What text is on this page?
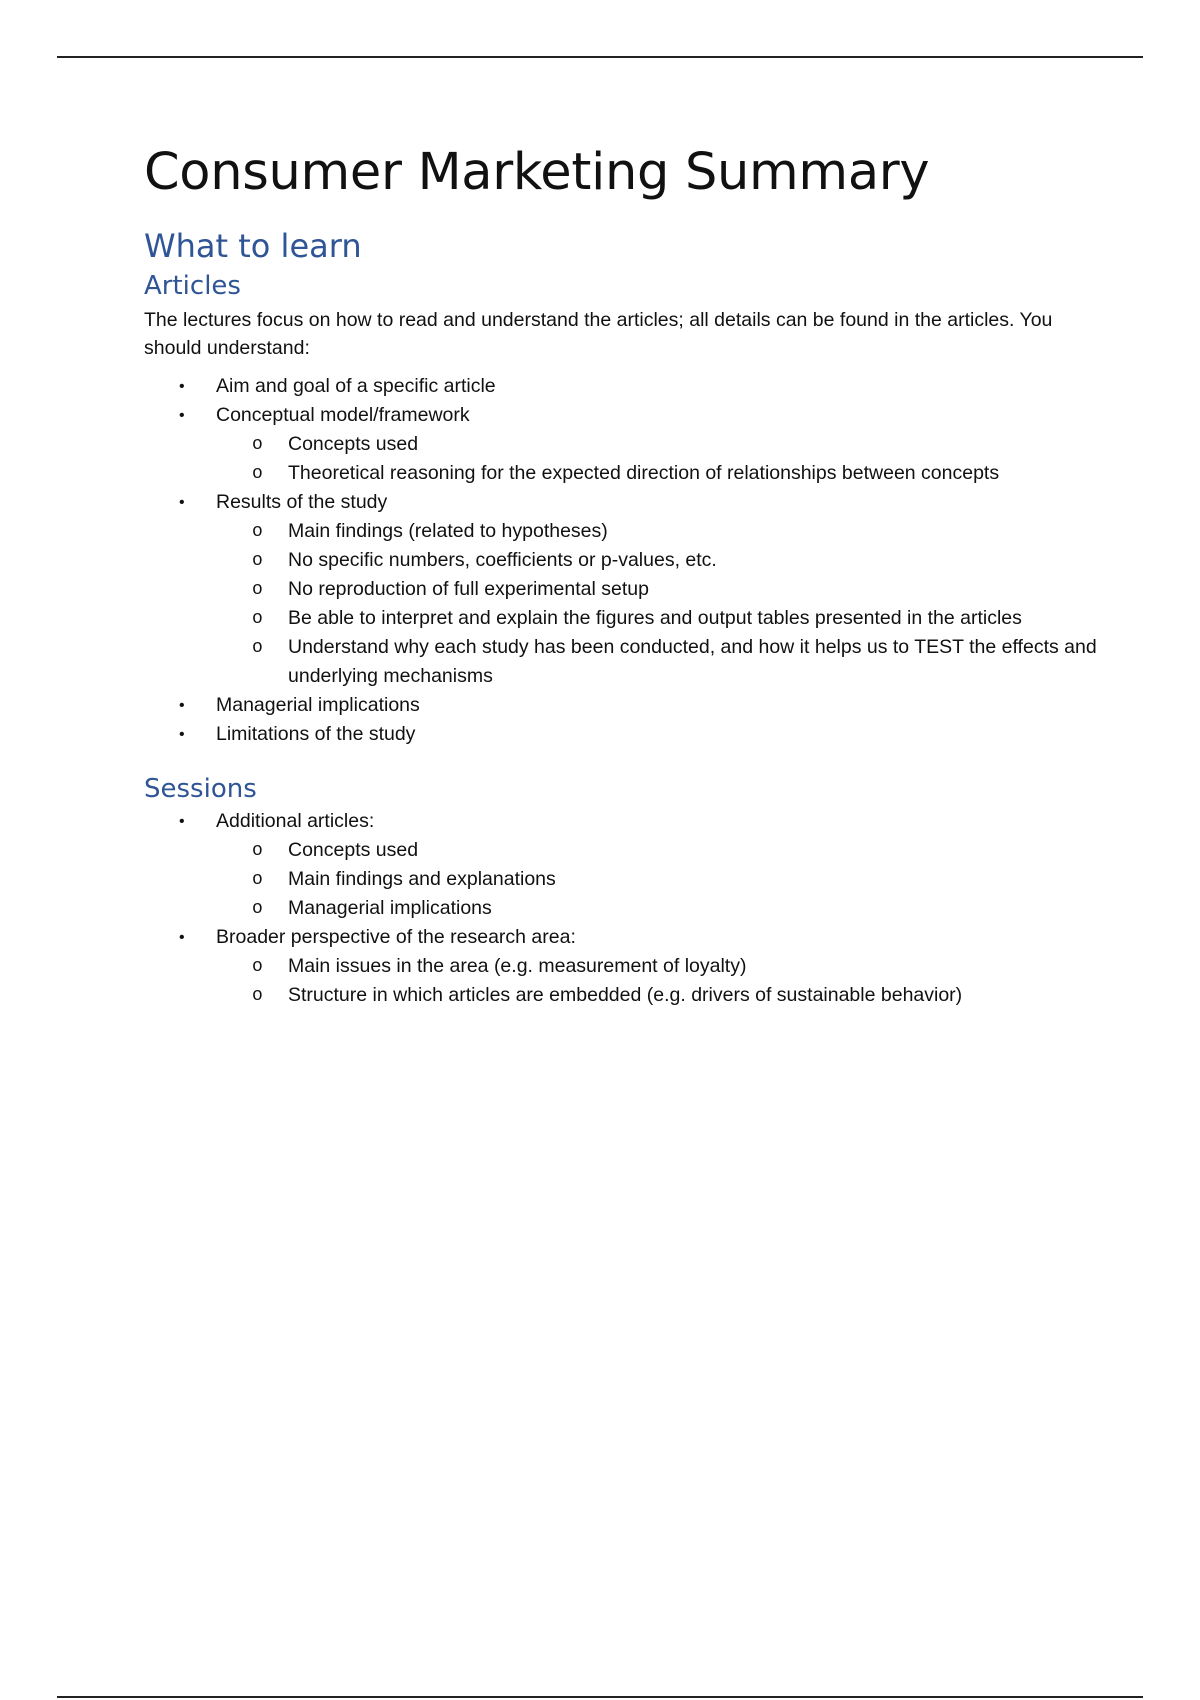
Consumer Marketing Summary
What to learn
Articles

The lectures focus on how to read and understand the articles; all details can be found in the articles. You should understand:

• Aim and goal of a specific article
• Conceptual model/framework
o Concepts used
o Theoretical reasoning for the expected direction of relationships between concepts
• Results of the study
o Main findings (related to hypotheses)
o No specific numbers, coefficients or p-values, etc.
o No reproduction of full experimental setup
o Be able to interpret and explain the figures and output tables presented in the articles
o Understand why each study has been conducted, and how it helps us to TEST the effects and underlying mechanisms
• Managerial implications
• Limitations of the study
Sessions
• Additional articles:
o Concepts used
o Main findings and explanations
o Managerial implications
• Broader perspective of the research area:
o Main issues in the area (e.g. measurement of loyalty)
o Structure in which articles are embedded (e.g. drivers of sustainable behavior)
